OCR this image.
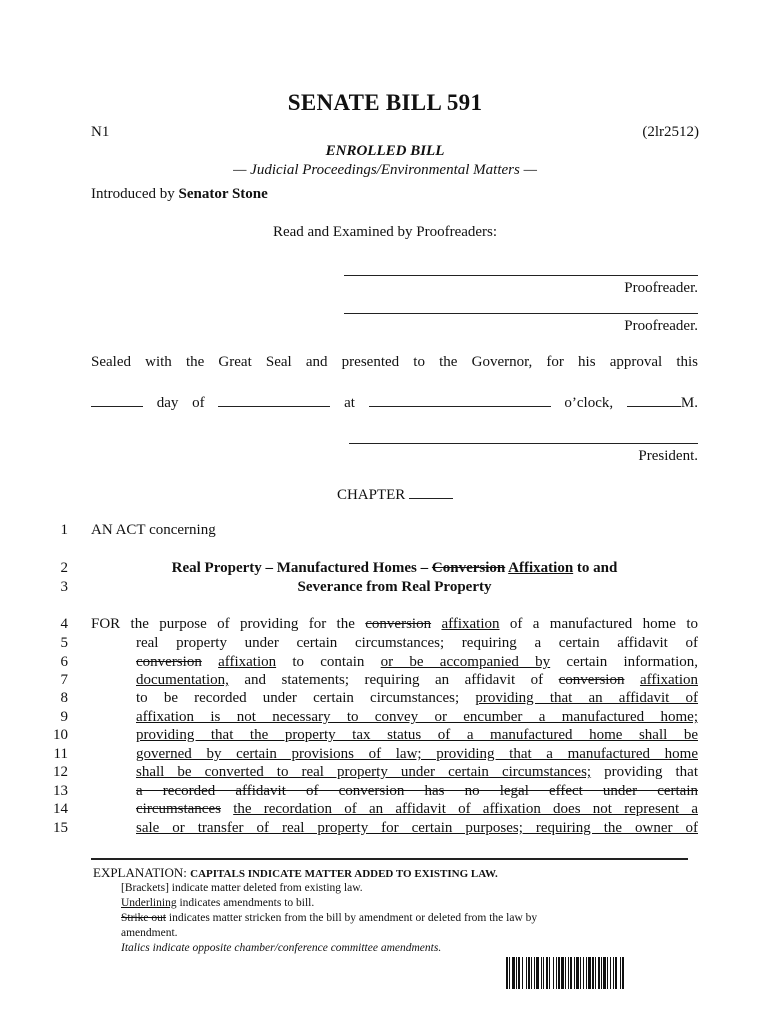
SENATE BILL 591
N1	(2lr2512)
ENROLLED BILL
— Judicial Proceedings/Environmental Matters —
Introduced by Senator Stone
Read and Examined by Proofreaders:
Proofreader.
Proofreader.
Sealed with the Great Seal and presented to the Governor, for his approval this
day of	at	o’clock,	M.
President.
CHAPTER
1 AN ACT concerning
2	Real Property – Manufactured Homes – Conversion Affixation to and
3	Severance from Real Property
4 FOR the purpose of providing for the conversion affixation of a manufactured home to
5	real property under certain circumstances; requiring a certain affidavit of
6	conversion affixation to contain or be accompanied by certain information,
7	documentation, and statements; requiring an affidavit of conversion affixation
8	to be recorded under certain circumstances; providing that an affidavit of
9	affixation is not necessary to convey or encumber a manufactured home;
10	providing that the property tax status of a manufactured home shall be
11	governed by certain provisions of law; providing that a manufactured home
12	shall be converted to real property under certain circumstances; providing that
13	a recorded affidavit of conversion has no legal effect under certain
14	circumstances the recordation of an affidavit of affixation does not represent a
15	sale or transfer of real property for certain purposes; requiring the owner of
EXPLANATION: CAPITALS INDICATE MATTER ADDED TO EXISTING LAW.
[Brackets] indicate matter deleted from existing law.
Underlining indicates amendments to bill.
Strike out indicates matter stricken from the bill by amendment or deleted from the law by
amendment.
Italics indicate opposite chamber/conference committee amendments.
